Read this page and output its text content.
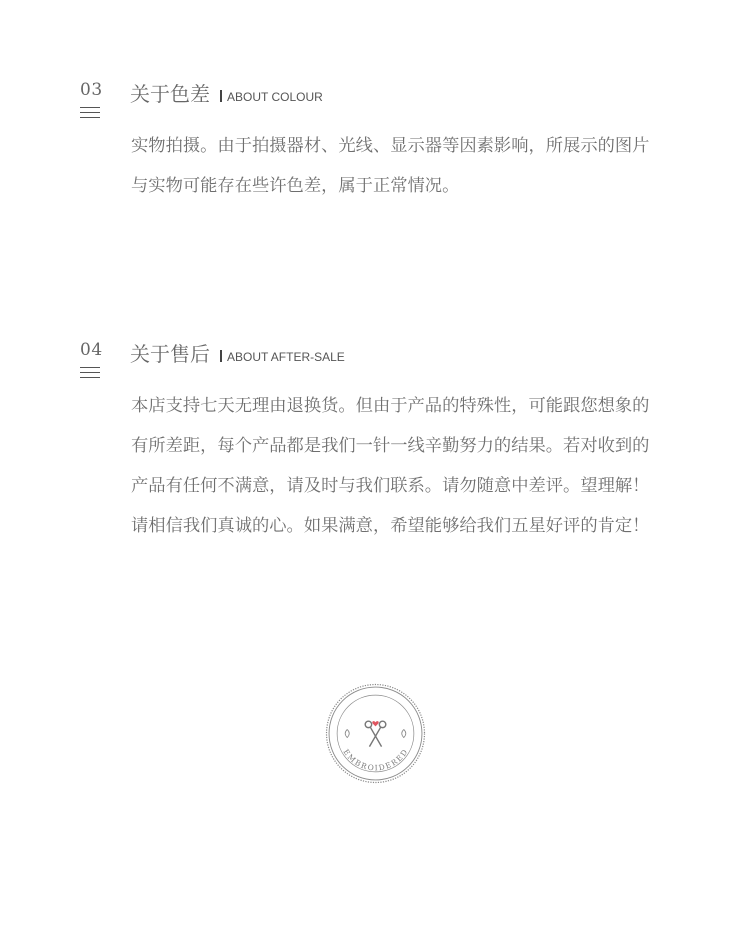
03 关于色差 ABOUT COLOUR

实物拍摄。由于拍摄器材、光线、显示器等因素影响，所展示的图片
与实物可能存在些许色差，属于正常情况。

04 关于售后 ABOUT AFTER-SALE

本店支持七天无理由退换货。但由于产品的特殊性，可能跟您想象的
有所差距，每个产品都是我们一针一线辛勤努力的结果。若对收到的
产品有任何不满意，请及时与我们联系。请勿随意中差评。望理解！
请相信我们真诚的心。如果满意，希望能够给我们五星好评的肯定！

EMBROIDERED
